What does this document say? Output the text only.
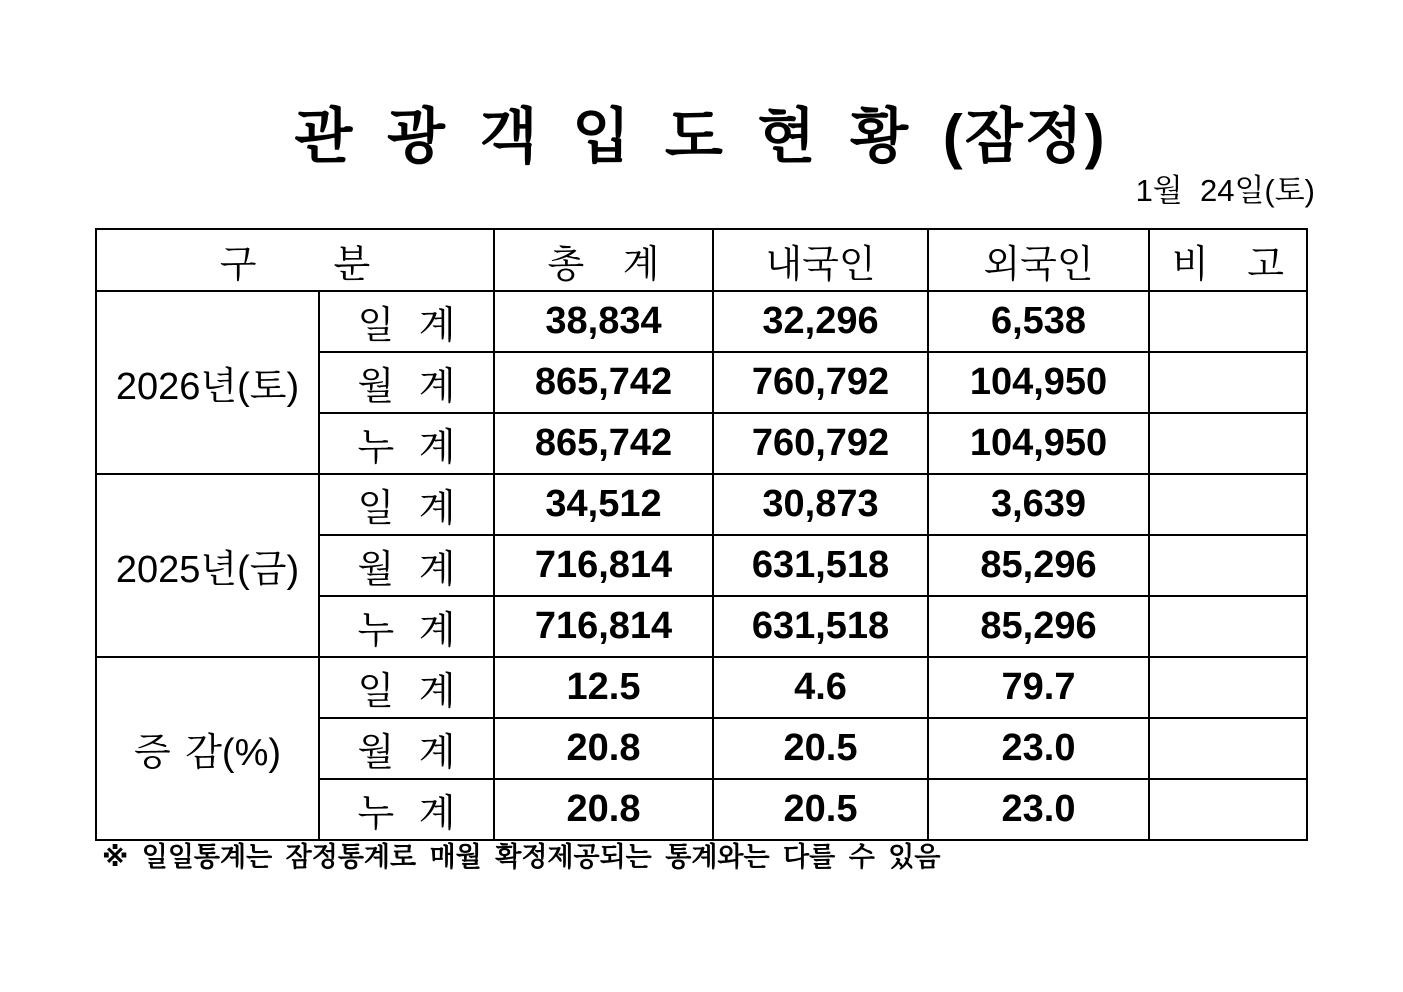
관 광 객 입 도 현 황 (잠정)
1월  24일(토)
구  분		총 계	내국인	외국인	비 고
2026년(토)	일 계	38,834	32,296	6,538	
	월 계	865,742	760,792	104,950	
	누 계	865,742	760,792	104,950	
2025년(금)	일 계	34,512	30,873	3,639	
	월 계	716,814	631,518	85,296	
	누 계	716,814	631,518	85,296	
증 감(%)	일 계	12.5	4.6	79.7	
	월 계	20.8	20.5	23.0	
	누 계	20.8	20.5	23.0	
※ 일일통계는 잠정통계로 매월 확정제공되는 통계와는 다를 수 있음
